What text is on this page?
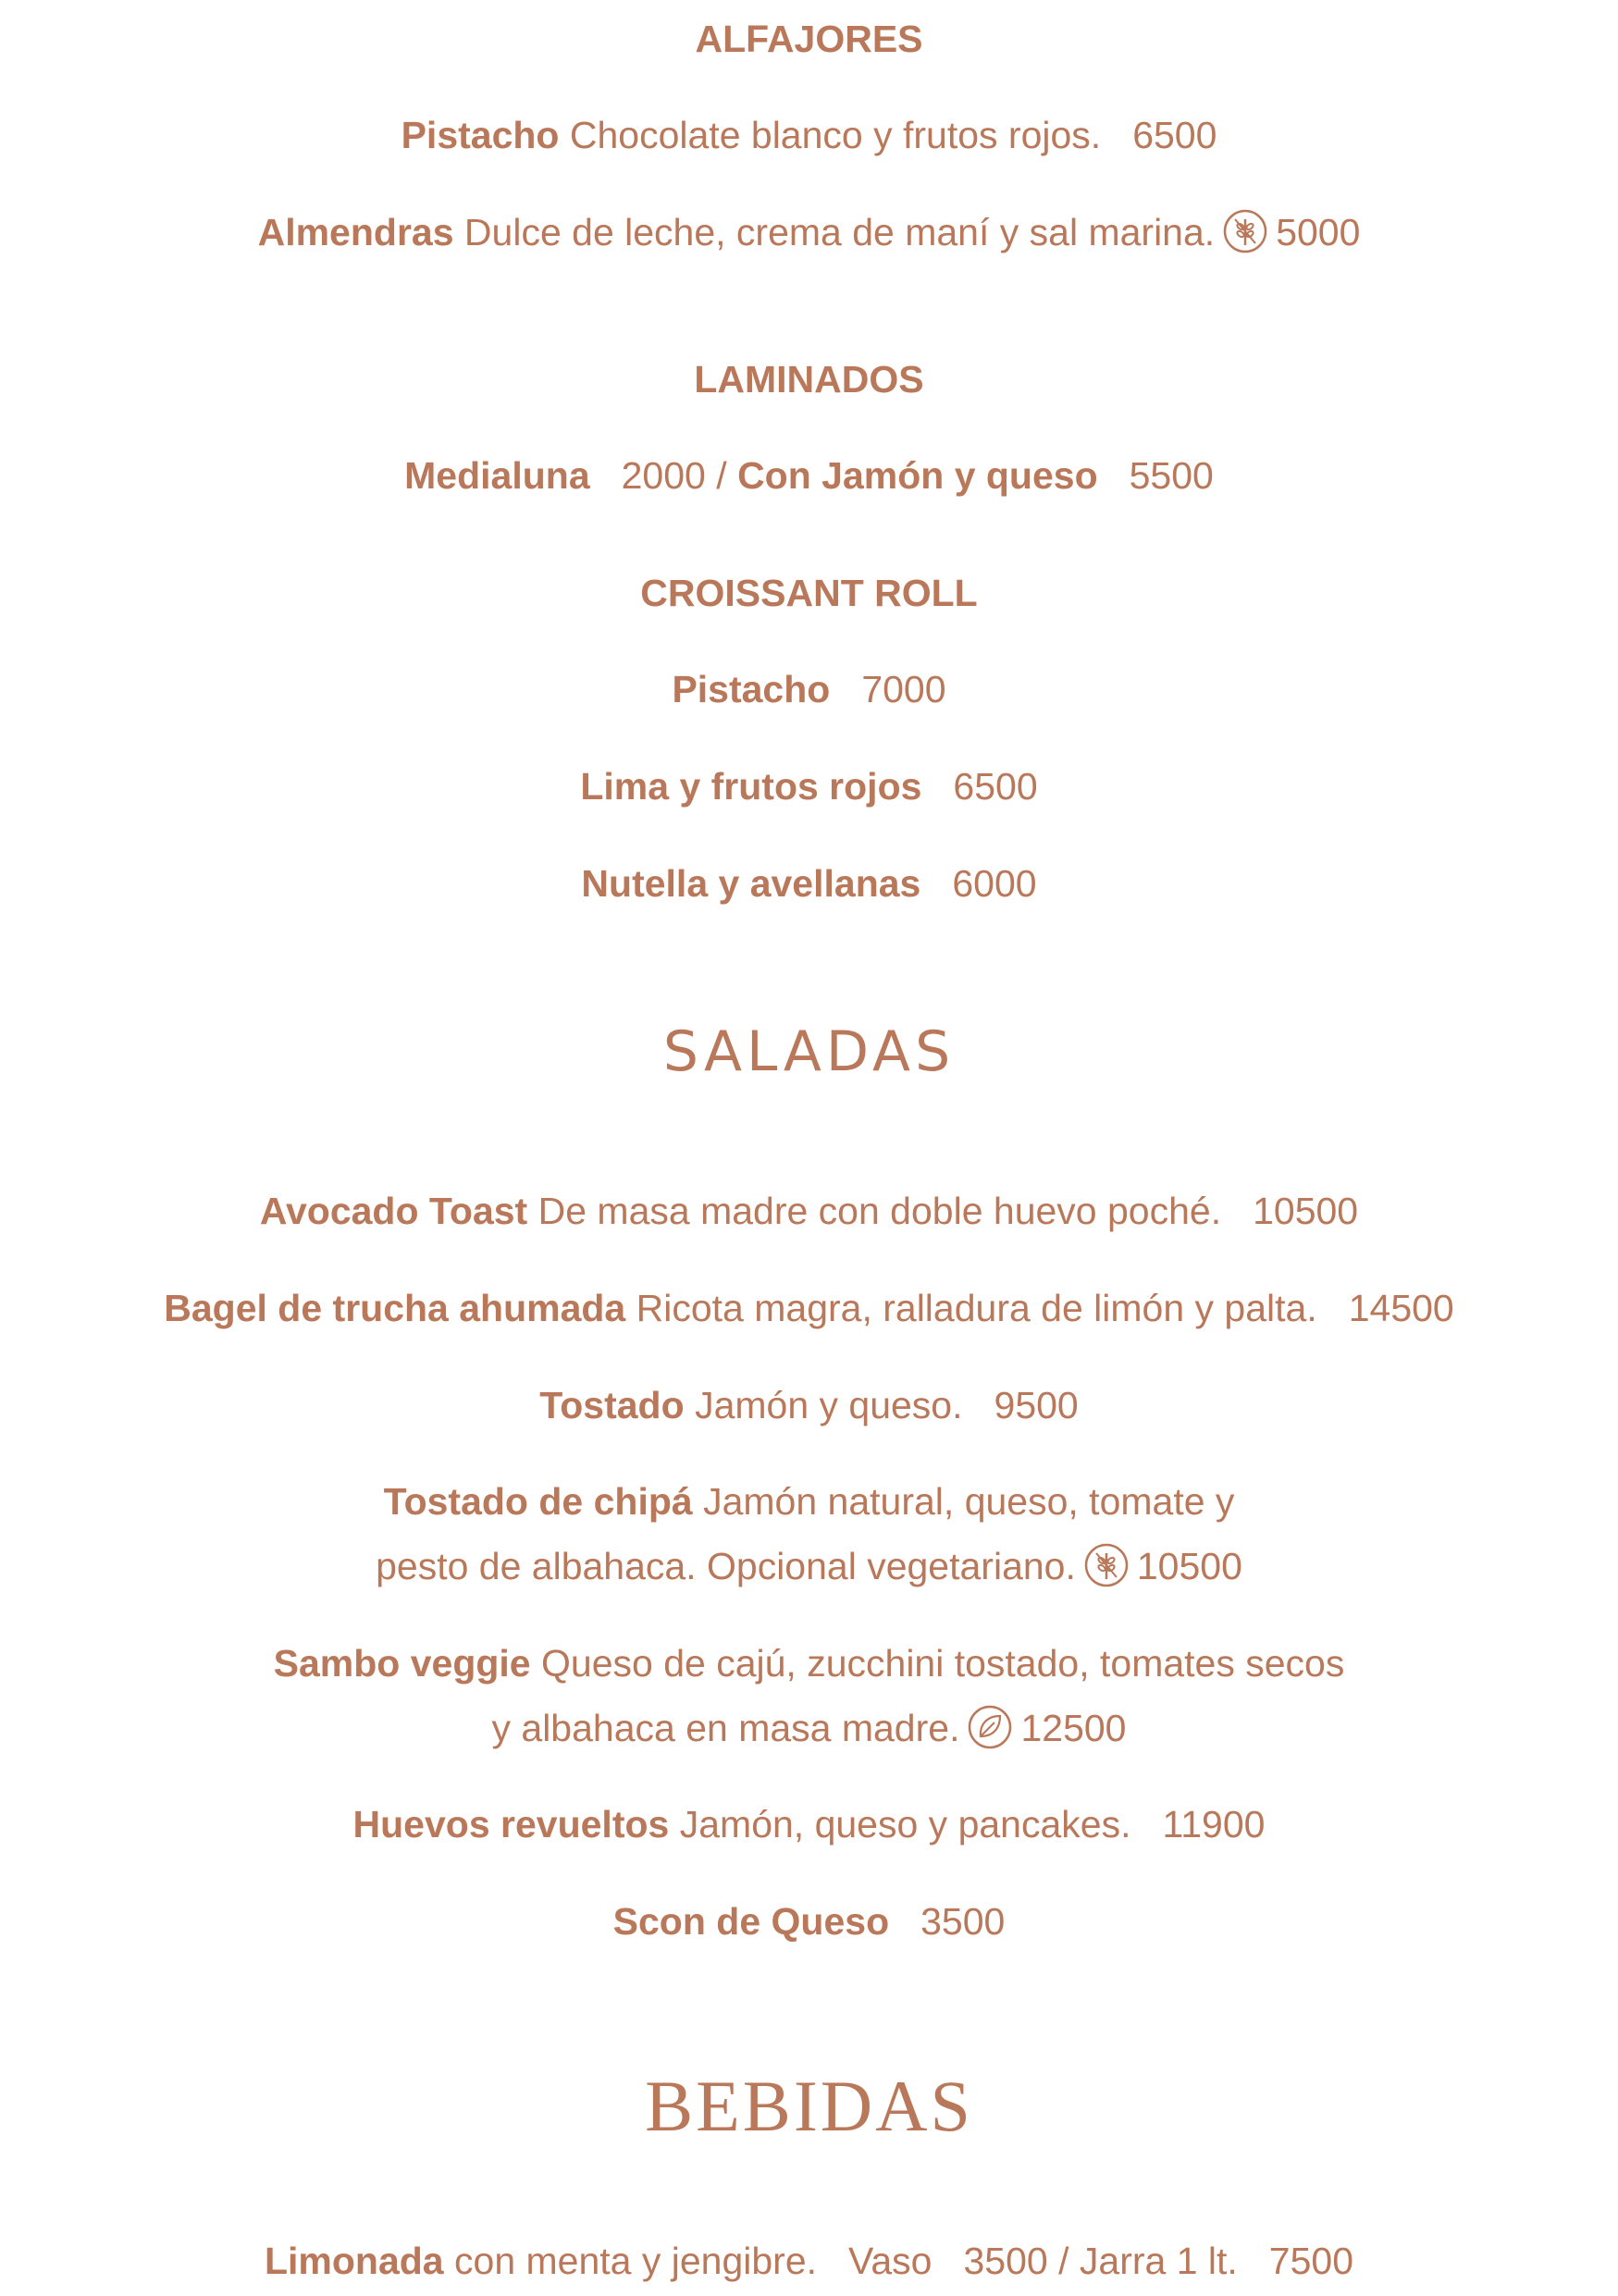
ALFAJORES
Pistacho Chocolate blanco y frutos rojos. 6500
Almendras Dulce de leche, crema de maní y sal marina. 5000
LAMINADOS
Medialuna 2000 / Con Jamón y queso 5500
CROISSANT ROLL
Pistacho 7000
Lima y frutos rojos 6500
Nutella y avellanas 6000
SALADAS
Avocado Toast De masa madre con doble huevo poché. 10500
Bagel de trucha ahumada Ricota magra, ralladura de limón y palta. 14500
Tostado Jamón y queso. 9500
Tostado de chipá Jamón natural, queso, tomate y
pesto de albahaca. Opcional vegetariano. 10500
Sambo veggie Queso de cajú, zucchini tostado, tomates secos
y albahaca en masa madre. 12500
Huevos revueltos Jamón, queso y pancakes. 11900
Scon de Queso 3500
BEBIDAS
Limonada con menta y jengibre. Vaso 3500 / Jarra 1 lt. 7500
